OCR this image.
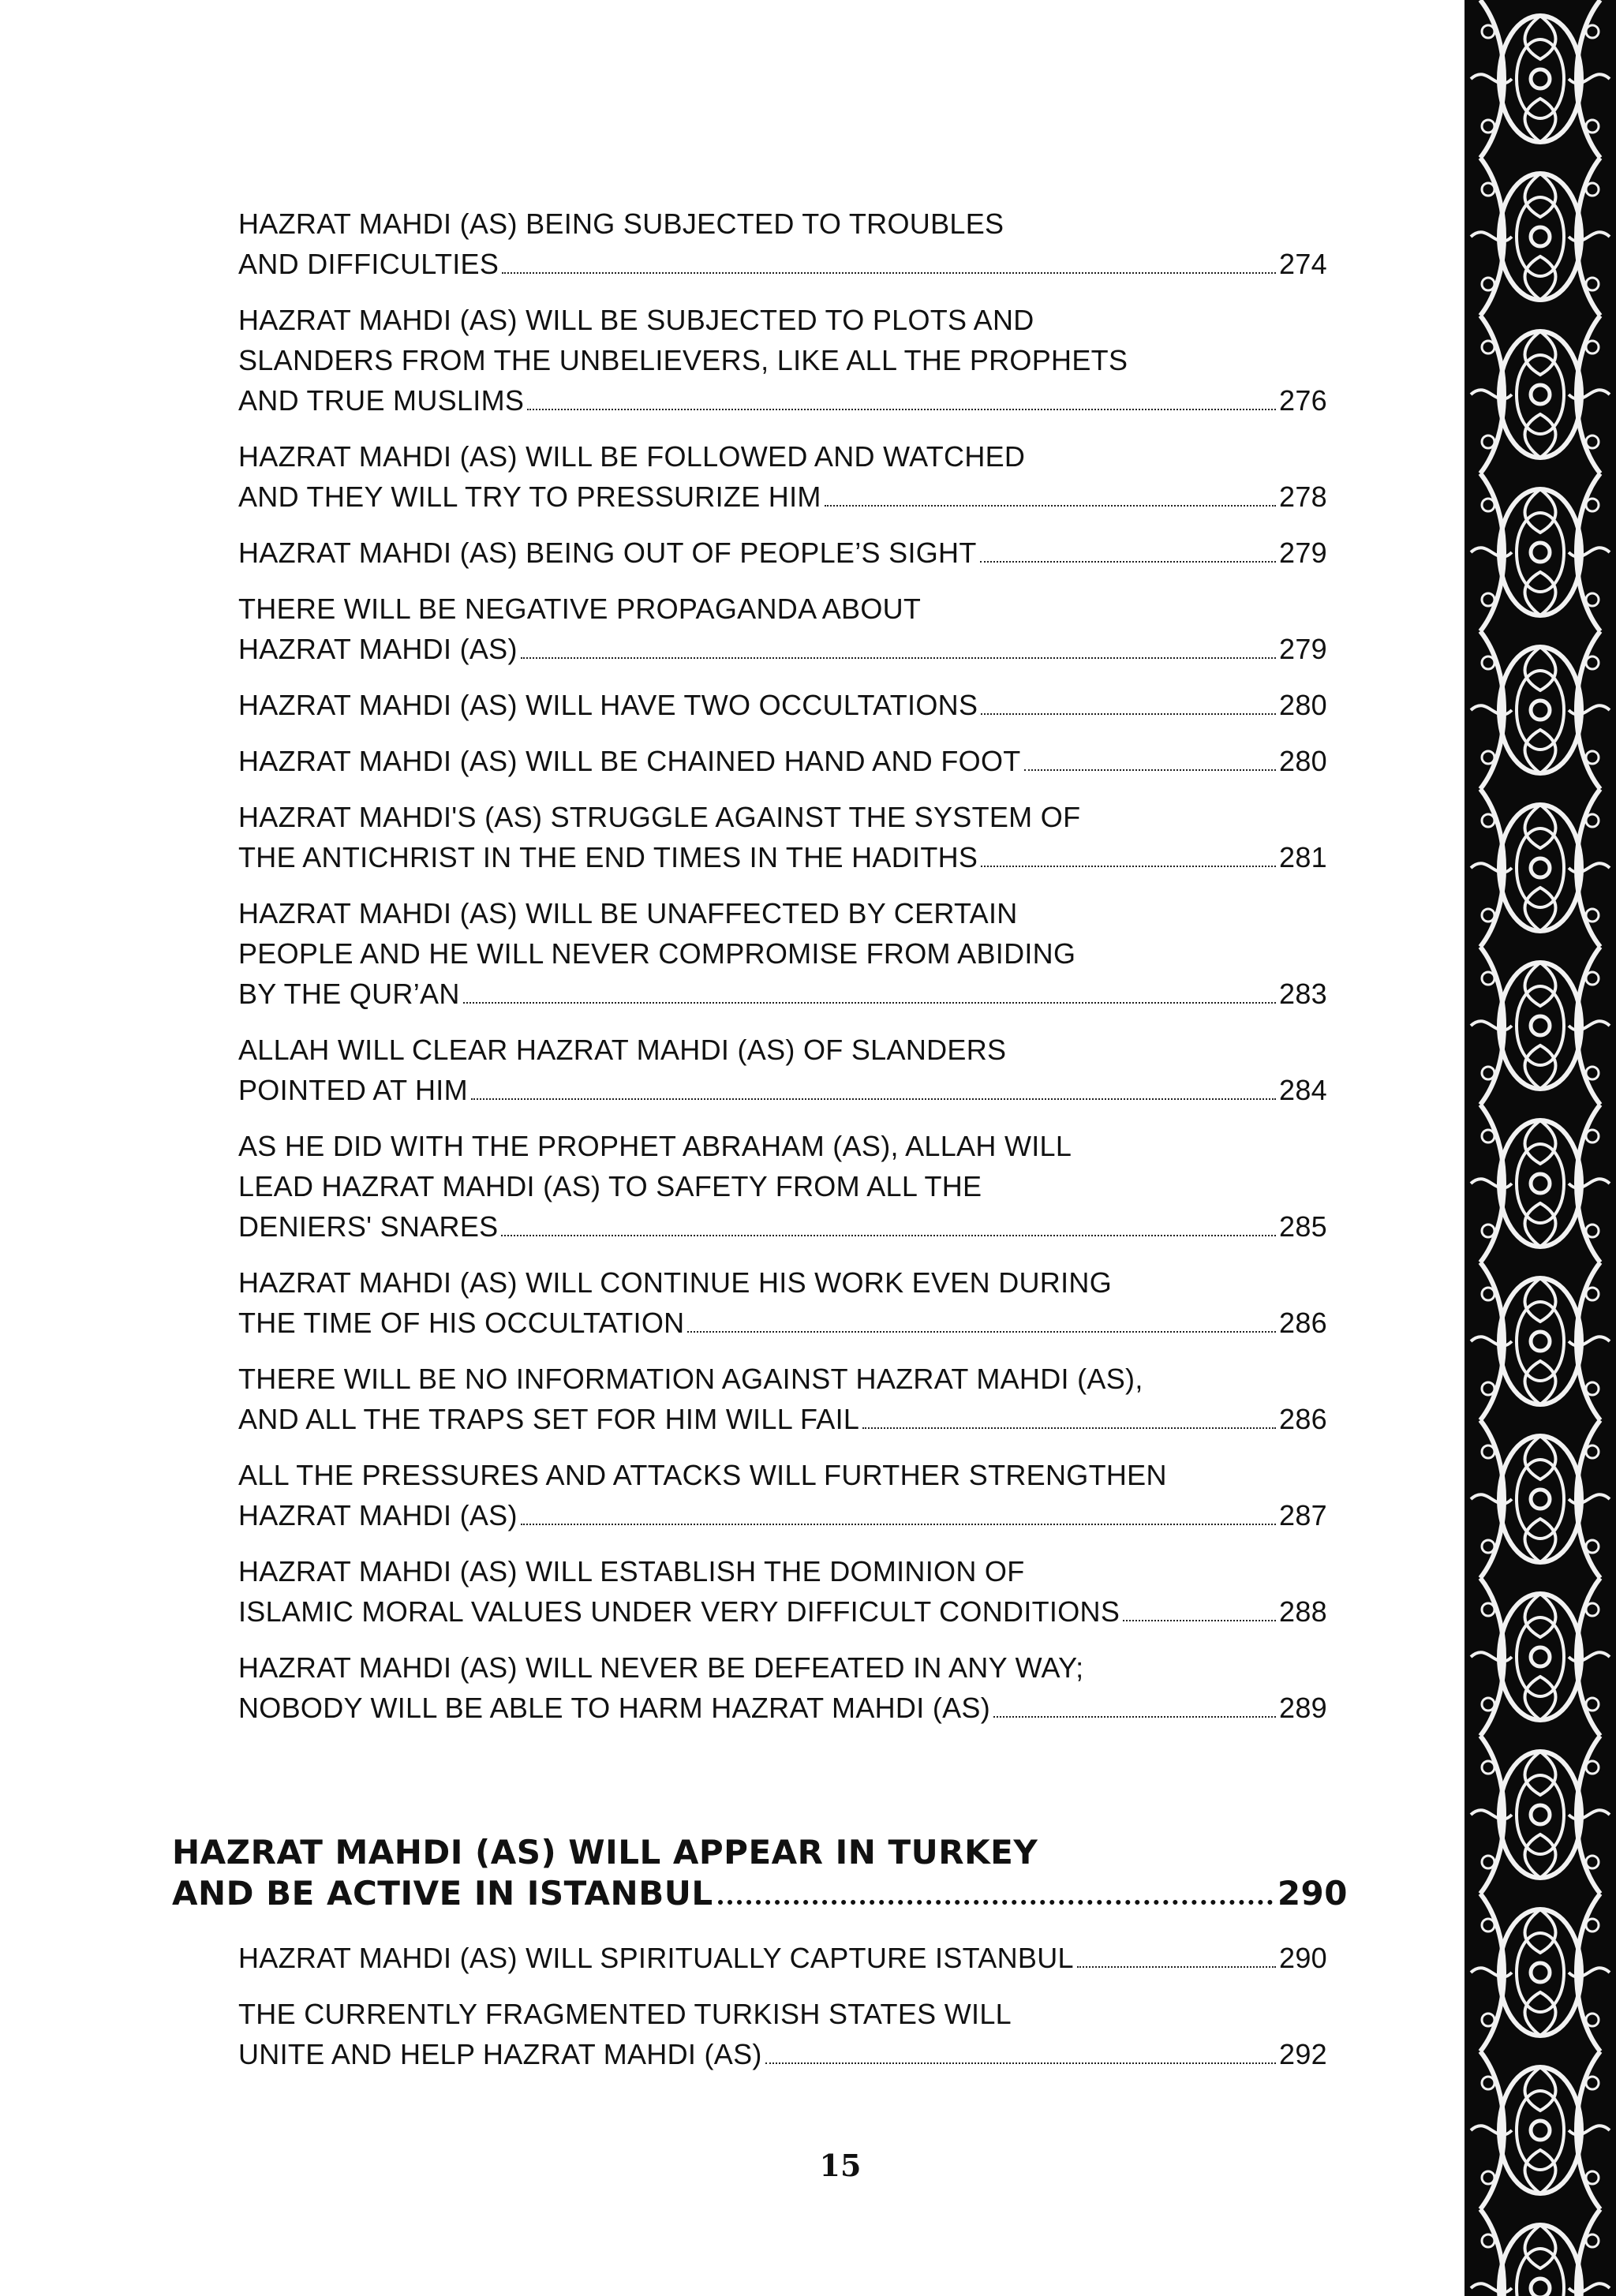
HAZRAT MAHDI (AS) BEING SUBJECTED TO TROUBLES
AND DIFFICULTIES	274
HAZRAT MAHDI (AS) WILL BE SUBJECTED TO PLOTS AND
SLANDERS FROM THE UNBELIEVERS, LIKE ALL THE PROPHETS
AND TRUE MUSLIMS	276
HAZRAT MAHDI (AS) WILL BE FOLLOWED AND WATCHED
AND THEY WILL TRY TO PRESSURIZE HIM	278
HAZRAT MAHDI (AS) BEING OUT OF PEOPLE’S SIGHT	279
THERE WILL BE NEGATIVE PROPAGANDA ABOUT
HAZRAT MAHDI (AS)	279
HAZRAT MAHDI (AS) WILL HAVE TWO OCCULTATIONS	280
HAZRAT MAHDI (AS) WILL BE CHAINED HAND AND FOOT	280
HAZRAT MAHDI'S (AS) STRUGGLE AGAINST THE SYSTEM OF
THE ANTICHRIST IN THE END TIMES IN THE HADITHS	281
HAZRAT MAHDI (AS) WILL BE UNAFFECTED BY CERTAIN
PEOPLE AND HE WILL NEVER COMPROMISE FROM ABIDING
BY THE QUR’AN	283
ALLAH WILL CLEAR HAZRAT MAHDI (AS) OF SLANDERS
POINTED AT HIM	284
AS HE DID WITH THE PROPHET ABRAHAM (AS), ALLAH WILL
LEAD HAZRAT MAHDI (AS) TO SAFETY FROM ALL THE
DENIERS' SNARES	285
HAZRAT MAHDI (AS) WILL CONTINUE HIS WORK EVEN DURING
THE TIME OF HIS OCCULTATION	286
THERE WILL BE NO INFORMATION AGAINST HAZRAT MAHDI (AS),
AND ALL THE TRAPS SET FOR HIM WILL FAIL	286
ALL THE PRESSURES AND ATTACKS WILL FURTHER STRENGTHEN
HAZRAT MAHDI (AS)	287
HAZRAT MAHDI (AS) WILL ESTABLISH THE DOMINION OF
ISLAMIC MORAL VALUES UNDER VERY DIFFICULT CONDITIONS	288
HAZRAT MAHDI (AS) WILL NEVER BE DEFEATED IN ANY WAY;
NOBODY WILL BE ABLE TO HARM HAZRAT MAHDI (AS)	289
HAZRAT MAHDI (AS) WILL APPEAR IN TURKEY
AND BE ACTIVE IN ISTANBUL	290
HAZRAT MAHDI (AS) WILL SPIRITUALLY CAPTURE ISTANBUL	290
THE CURRENTLY FRAGMENTED TURKISH STATES WILL
UNITE AND HELP HAZRAT MAHDI (AS)	292
15
